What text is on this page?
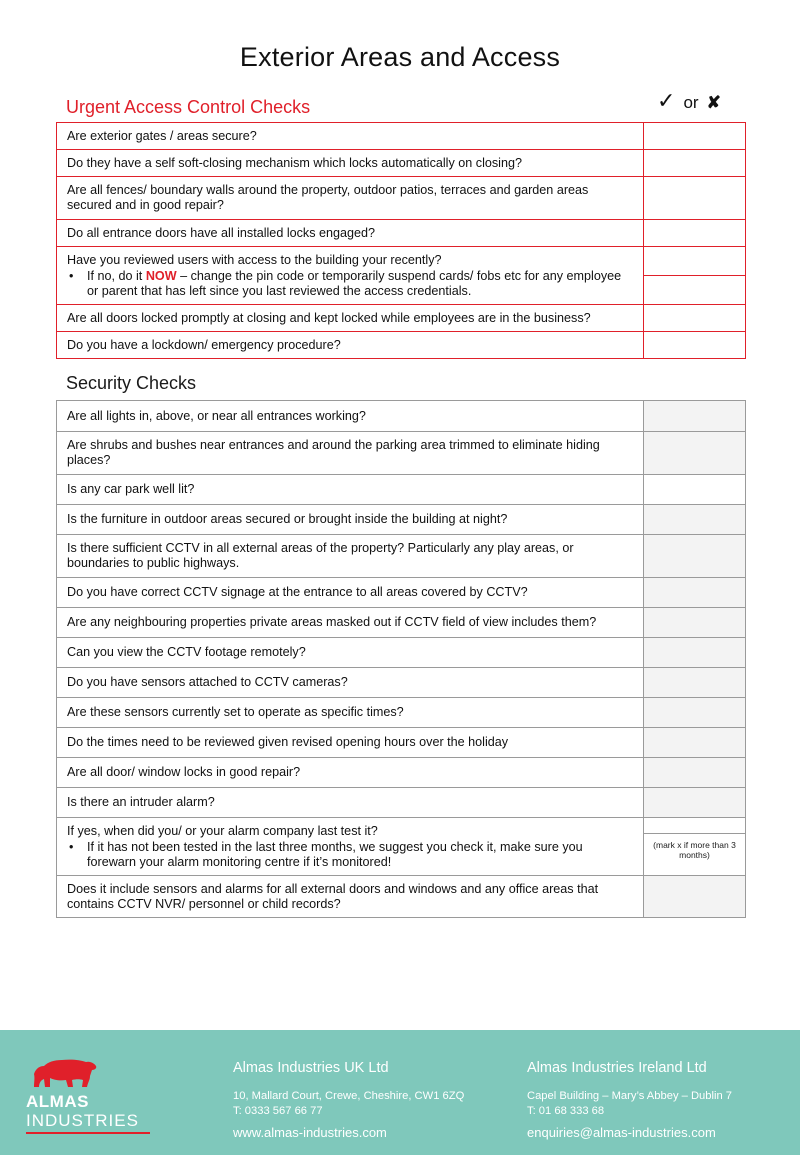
Exterior Areas and Access
Urgent Access Control Checks	✓ or ✘
Are exterior gates / areas secure?	
Do they have a self soft-closing mechanism which locks automatically on closing?	
Are all fences/ boundary walls around the property, outdoor patios, terraces and garden areas secured and in good repair?	
Do all entrance doors have all installed locks engaged?	

Have you reviewed users with access to the building your recently?
• If no, do it NOW – change the pin code or temporarily suspend cards/ fobs etc for any employee or parent that has left since you last reviewed the access credentials.	

Are all doors locked promptly at closing and kept locked while employees are in the business?	
Do you have a lockdown/ emergency procedure?	
Security Checks
Are all lights in, above, or near all entrances working?	
Are shrubs and bushes near entrances and around the parking area trimmed to eliminate hiding places?	
Is any car park well lit?	
Is the furniture in outdoor areas secured or brought inside the building at night?	
Is there sufficient CCTV in all external areas of the property? Particularly any play areas, or boundaries to public highways.	
Do you have correct CCTV signage at the entrance to all areas covered by CCTV?	
Are any neighbouring properties private areas masked out if CCTV field of view includes them?	
Can you view the CCTV footage remotely?	
Do you have sensors attached to CCTV cameras?	
Are these sensors currently set to operate as specific times?	
Do the times need to be reviewed given revised opening hours over the holiday	
Are all door/ window locks in good repair?	
Is there an intruder alarm?	

If yes, when did you/ or your alarm company last test it?
• If it has not been tested in the last three months, we suggest you check it, make sure you forewarn your alarm monitoring centre if it’s monitored!	(mark x if more than 3 months)

Does it include sensors and alarms for all external doors and windows and any office areas that contains CCTV NVR/ personnel or child records?	
ALMAS
INDUSTRIES
Almas Industries UK Ltd
10, Mallard Court, Crewe, Cheshire, CW1 6ZQ
T: 0333 567 66 77
www.almas-industries.com
Almas Industries Ireland Ltd
Capel Building – Mary’s Abbey – Dublin 7
T: 01 68 333 68
enquiries@almas-industries.com
